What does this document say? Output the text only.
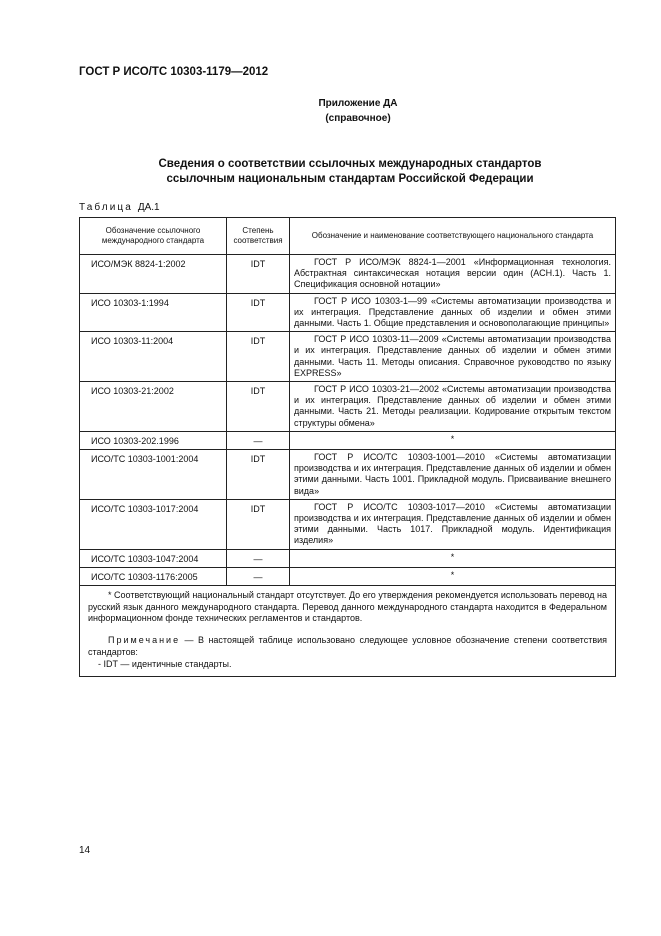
ГОСТ Р ИСО/ТС 10303-1179—2012
Приложение ДА
(справочное)
Сведения о соответствии ссылочных международных стандартов
ссылочным национальным стандартам Российской Федерации
Таблица ДА.1
Обозначение ссылочного международного стандарта	Степень соответствия	Обозначение и наименование соответствующего национального стандарта
ИСО/МЭК 8824-1:2002	IDT	ГОСТ Р ИСО/МЭК 8824-1—2001 «Информационная технология. Абстрактная синтаксическая нотация версии один (АСН.1). Часть 1. Спецификация основной нотации»
ИСО 10303-1:1994	IDT	ГОСТ Р ИСО 10303-1—99 «Системы автоматизации производства и их интеграция. Представление данных об изделии и обмен этими данными. Часть 1. Общие представления и основополагающие принципы»
ИСО 10303-11:2004	IDT	ГОСТ Р ИСО 10303-11—2009 «Системы автоматизации производства и их интеграция. Представление данных об изделии и обмен этими данными. Часть 11. Методы описания. Справочное руководство по языку EXPRESS»
ИСО 10303-21:2002	IDT	ГОСТ Р ИСО 10303-21—2002 «Системы автоматизации производства и их интеграция. Представление данных об изделии и обмен этими данными. Часть 21. Методы реализации. Кодирование открытым текстом структуры обмена»
ИСО 10303-202.1996	—	*
ИСО/ТС 10303-1001:2004	IDT	ГОСТ Р ИСО/ТС 10303-1001—2010 «Системы автоматизации производства и их интеграция. Представление данных об изделии и обмен этими данными. Часть 1001. Прикладной модуль. Присваивание внешнего вида»
ИСО/ТС 10303-1017:2004	IDT	ГОСТ Р ИСО/ТС 10303-1017—2010 «Системы автоматизации производства и их интеграция. Представление данных об изделии и обмен этими данными. Часть 1017. Прикладной модуль. Идентификация изделия»
ИСО/ТС 10303-1047:2004	—	*
ИСО/ТС 10303-1176:2005	—	*

* Соответствующий национальный стандарт отсутствует. До его утверждения рекомендуется использовать перевод на русский язык данного международного стандарта. Перевод данного международного стандарта находится в Федеральном информационном фонде технических регламентов и стандартов.

Примечание — В настоящей таблице использовано следующее условное обозначение степени соответствия стандартов:

- IDT — идентичные стандарты.		

14
